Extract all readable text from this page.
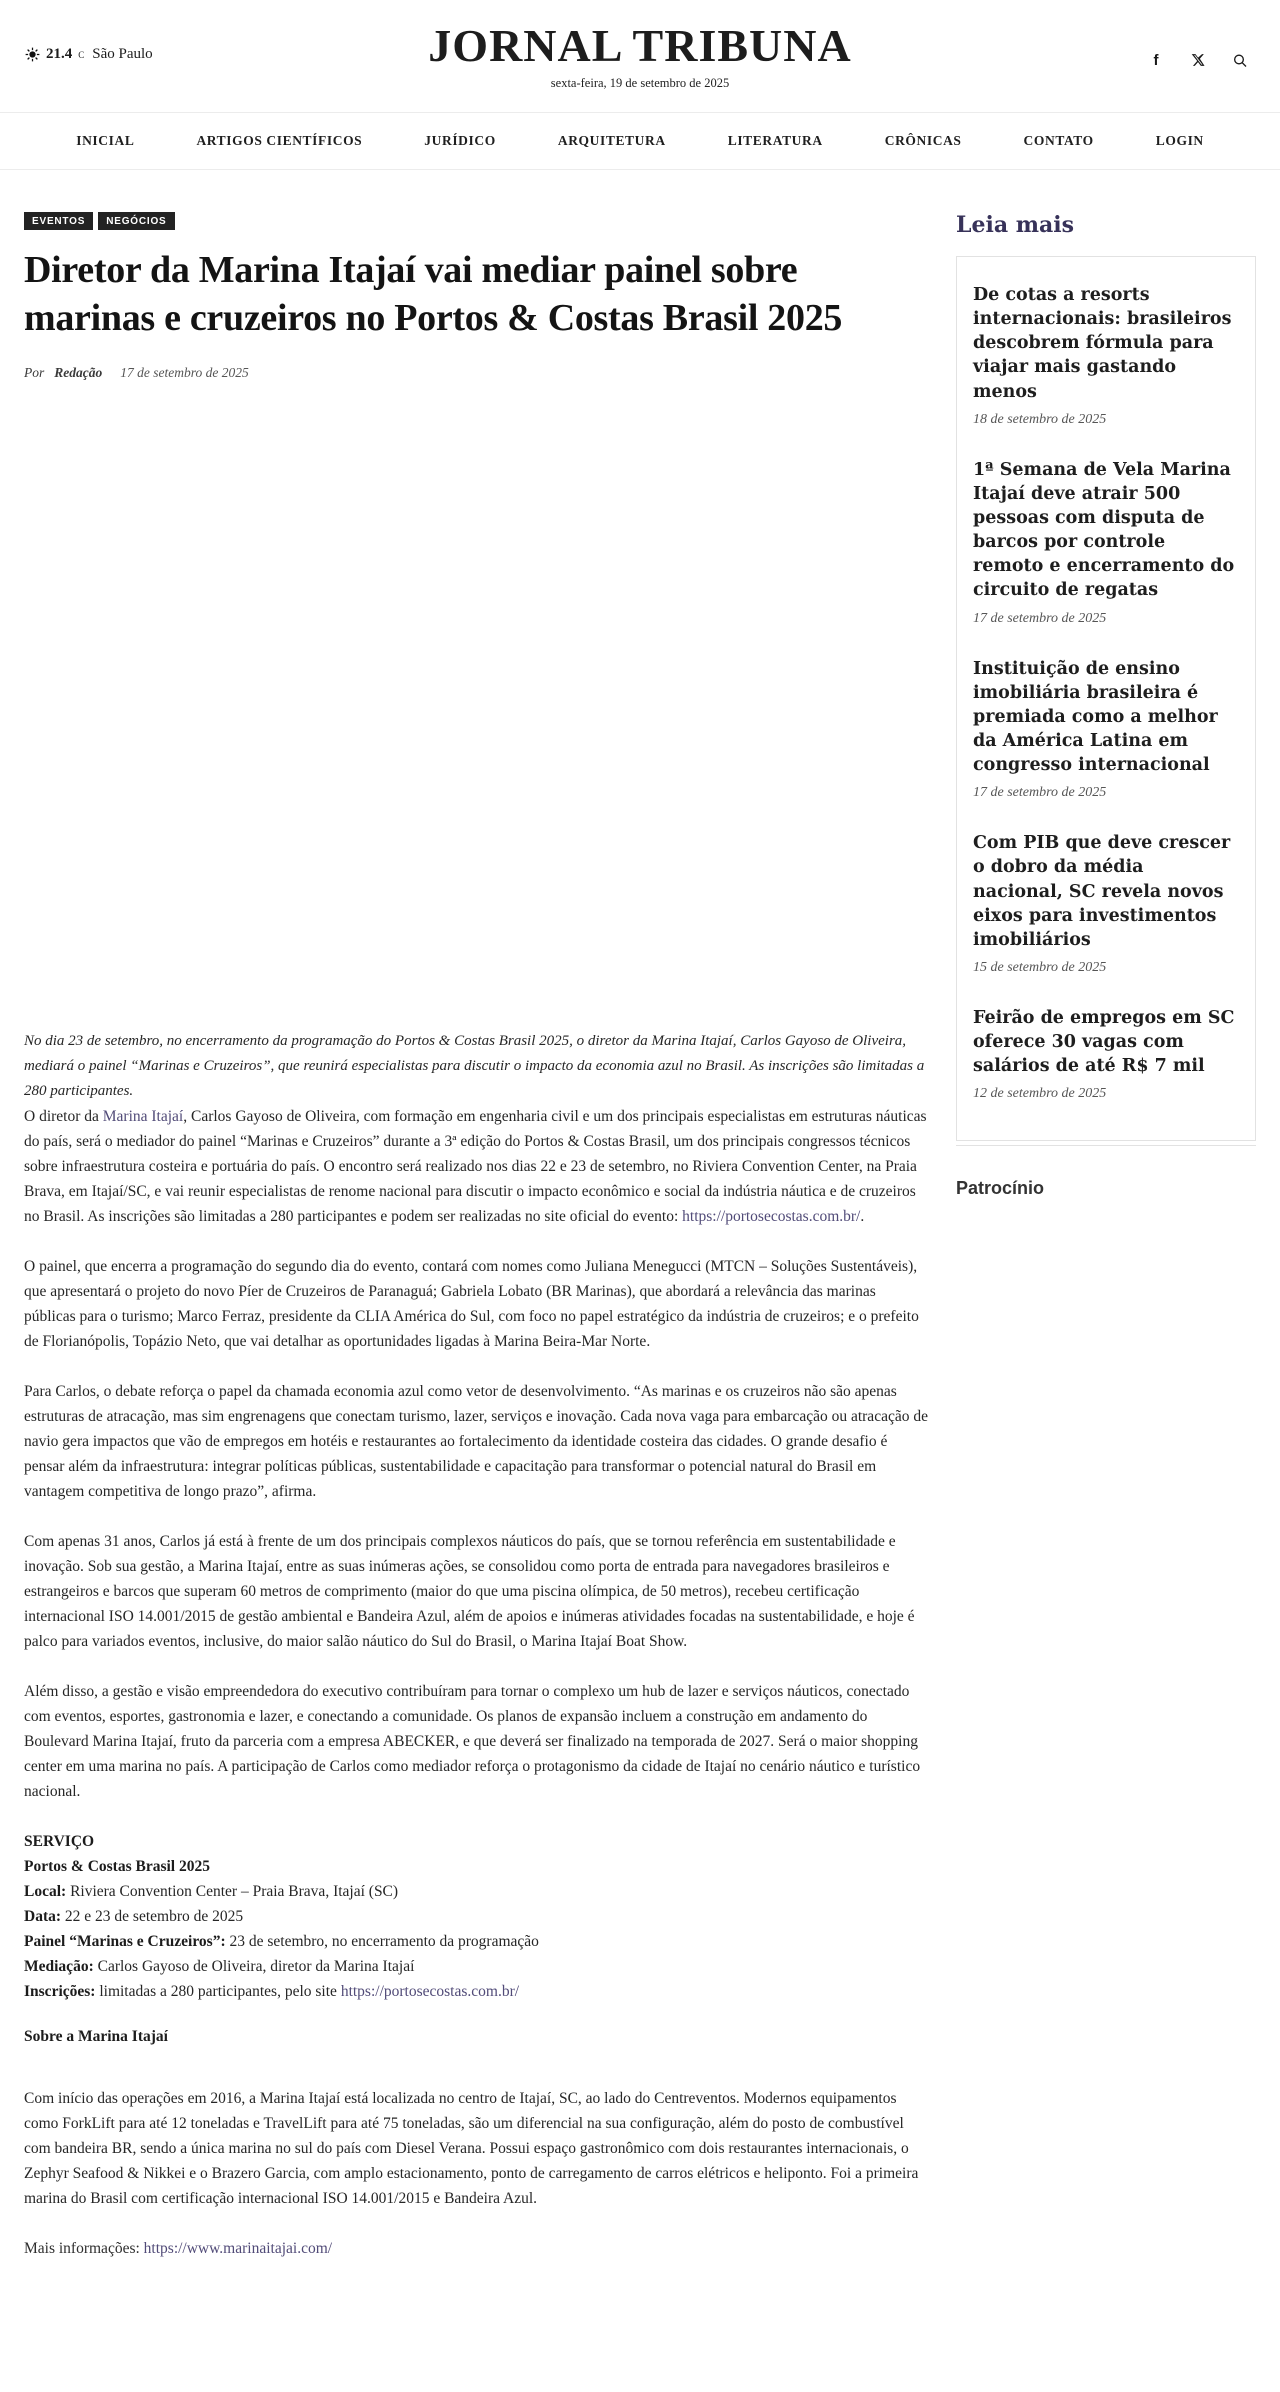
21.4 C São Paulo	JORNAL TRIBUNA
sexta-feira, 19 de setembro de 2025
f
INICIAL	ARTIGOS CIENTÍFICOS	JURÍDICO	ARQUITETURA	LITERATURA	CRÔNICAS	CONTATO	LOGIN
EVENTOS	NEGÓCIOS
Diretor da Marina Itajaí vai mediar painel sobre marinas e cruzeiros no Portos & Costas Brasil 2025
Por Redação 17 de setembro de 2025

No dia 23 de setembro, no encerramento da programação do Portos & Costas Brasil 2025, o diretor da Marina Itajaí, Carlos Gayoso de Oliveira, mediará o painel “Marinas e Cruzeiros”, que reunirá especialistas para discutir o impacto da economia azul no Brasil. As inscrições são limitadas a 280 participantes.

O diretor da Marina Itajaí, Carlos Gayoso de Oliveira, com formação em engenharia civil e um dos principais especialistas em estruturas náuticas do país, será o mediador do painel “Marinas e Cruzeiros” durante a 3ª edição do Portos & Costas Brasil, um dos principais congressos técnicos sobre infraestrutura costeira e portuária do país. O encontro será realizado nos dias 22 e 23 de setembro, no Riviera Convention Center, na Praia Brava, em Itajaí/SC, e vai reunir especialistas de renome nacional para discutir o impacto econômico e social da indústria náutica e de cruzeiros no Brasil. As inscrições são limitadas a 280 participantes e podem ser realizadas no site oficial do evento: https://portosecostas.com.br/.

O painel, que encerra a programação do segundo dia do evento, contará com nomes como Juliana Menegucci (MTCN – Soluções Sustentáveis), que apresentará o projeto do novo Píer de Cruzeiros de Paranaguá; Gabriela Lobato (BR Marinas), que abordará a relevância das marinas públicas para o turismo; Marco Ferraz, presidente da CLIA América do Sul, com foco no papel estratégico da indústria de cruzeiros; e o prefeito de Florianópolis, Topázio Neto, que vai detalhar as oportunidades ligadas à Marina Beira-Mar Norte.

Para Carlos, o debate reforça o papel da chamada economia azul como vetor de desenvolvimento. “As marinas e os cruzeiros não são apenas estruturas de atracação, mas sim engrenagens que conectam turismo, lazer, serviços e inovação. Cada nova vaga para embarcação ou atracação de navio gera impactos que vão de empregos em hotéis e restaurantes ao fortalecimento da identidade costeira das cidades. O grande desafio é pensar além da infraestrutura: integrar políticas públicas, sustentabilidade e capacitação para transformar o potencial natural do Brasil em vantagem competitiva de longo prazo”, afirma.

Com apenas 31 anos, Carlos já está à frente de um dos principais complexos náuticos do país, que se tornou referência em sustentabilidade e inovação. Sob sua gestão, a Marina Itajaí, entre as suas inúmeras ações, se consolidou como porta de entrada para navegadores brasileiros e estrangeiros e barcos que superam 60 metros de comprimento (maior do que uma piscina olímpica, de 50 metros), recebeu certificação internacional ISO 14.001/2015 de gestão ambiental e Bandeira Azul, além de apoios e inúmeras atividades focadas na sustentabilidade, e hoje é palco para variados eventos, inclusive, do maior salão náutico do Sul do Brasil, o Marina Itajaí Boat Show.

Além disso, a gestão e visão empreendedora do executivo contribuíram para tornar o complexo um hub de lazer e serviços náuticos, conectado com eventos, esportes, gastronomia e lazer, e conectando a comunidade. Os planos de expansão incluem a construção em andamento do Boulevard Marina Itajaí, fruto da parceria com a empresa ABECKER, e que deverá ser finalizado na temporada de 2027. Será o maior shopping center em uma marina no país. A participação de Carlos como mediador reforça o protagonismo da cidade de Itajaí no cenário náutico e turístico nacional.

SERVIÇO

Portos & Costas Brasil 2025

Local: Riviera Convention Center – Praia Brava, Itajaí (SC)

Data: 22 e 23 de setembro de 2025

Painel “Marinas e Cruzeiros”: 23 de setembro, no encerramento da programação

Mediação: Carlos Gayoso de Oliveira, diretor da Marina Itajaí

Inscrições: limitadas a 280 participantes, pelo site https://portosecostas.com.br/

Sobre a Marina Itajaí

Com início das operações em 2016, a Marina Itajaí está localizada no centro de Itajaí, SC, ao lado do Centreventos. Modernos equipamentos como ForkLift para até 12 toneladas e TravelLift para até 75 toneladas, são um diferencial na sua configuração, além do posto de combustível com bandeira BR, sendo a única marina no sul do país com Diesel Verana. Possui espaço gastronômico com dois restaurantes internacionais, o Zephyr Seafood & Nikkei e o Brazero Garcia, com amplo estacionamento, ponto de carregamento de carros elétricos e heliponto. Foi a primeira marina do Brasil com certificação internacional ISO 14.001/2015 e Bandeira Azul.

Mais informações: https://www.marinaitajai.com/

Leia mais
De cotas a resorts internacionais: brasileiros descobrem fórmula para viajar mais gastando menos
18 de setembro de 2025
1ª Semana de Vela Marina Itajaí deve atrair 500 pessoas com disputa de barcos por controle remoto e encerramento do circuito de regatas
17 de setembro de 2025
Instituição de ensino imobiliária brasileira é premiada como a melhor da América Latina em congresso internacional
17 de setembro de 2025
Com PIB que deve crescer o dobro da média nacional, SC revela novos eixos para investimentos imobiliários
15 de setembro de 2025
Feirão de empregos em SC oferece 30 vagas com salários de até R$ 7 mil
12 de setembro de 2025
Patrocínio
